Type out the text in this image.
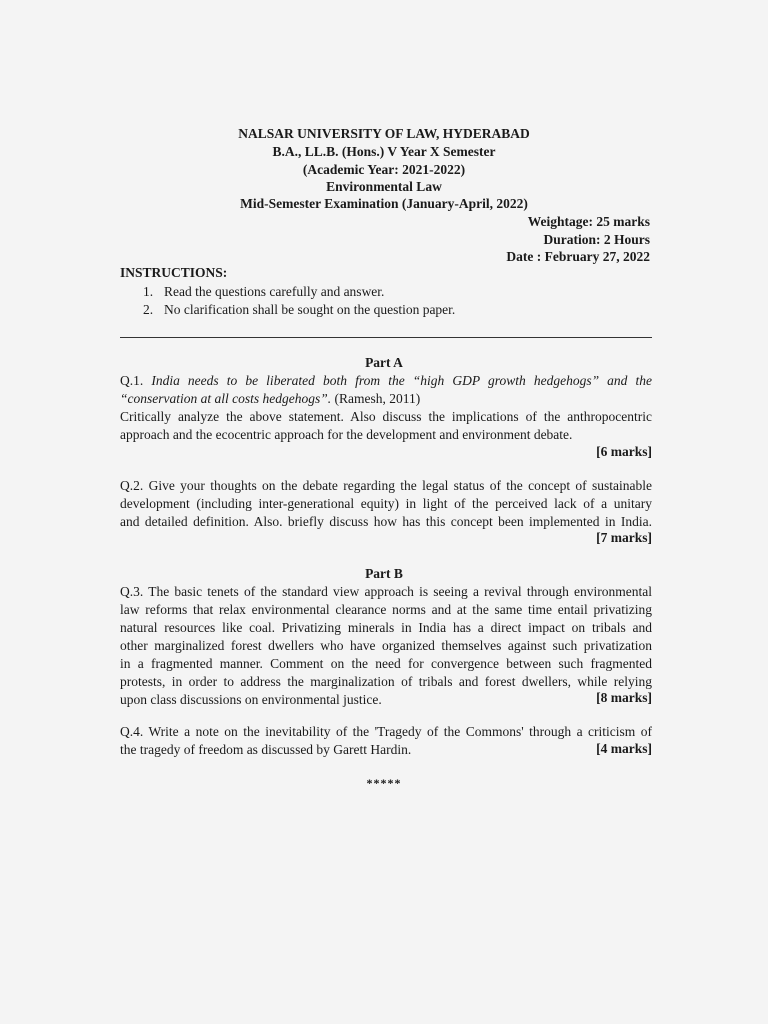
NALSAR UNIVERSITY OF LAW, HYDERABAD
B.A., LL.B. (Hons.) V Year X Semester
(Academic Year: 2021-2022)
Environmental Law
Mid-Semester Examination (January-April, 2022)
Weightage: 25 marks
Duration: 2 Hours
Date : February 27, 2022
INSTRUCTIONS:
1. Read the questions carefully and answer.
2. No clarification shall be sought on the question paper.
Part A
Q.1. India needs to be liberated both from the “high GDP growth hedgehogs” and the
“conservation at all costs hedgehogs”. (Ramesh, 2011)
Critically analyze the above statement. Also discuss the implications of the anthropocentric
approach and the ecocentric approach for the development and environment debate.
[6 marks]
Q.2. Give your thoughts on the debate regarding the legal status of the concept of sustainable
development (including inter-generational equity) in light of the perceived lack of a unitary
and detailed definition. Also. briefly discuss how has this concept been implemented in India.
[7 marks]
Part B
Q.3. The basic tenets of the standard view approach is seeing a revival through environmental
law reforms that relax environmental clearance norms and at the same time entail privatizing
natural resources like coal. Privatizing minerals in India has a direct impact on tribals and
other marginalized forest dwellers who have organized themselves against such privatization
in a fragmented manner. Comment on the need for convergence between such fragmented
protests, in order to address the marginalization of tribals and forest dwellers, while relying
upon class discussions on environmental justice.	[8 marks]
Q.4. Write a note on the inevitability of the 'Tragedy of the Commons' through a criticism of
the tragedy of freedom as discussed by Garett Hardin.	[4 marks]
*****
